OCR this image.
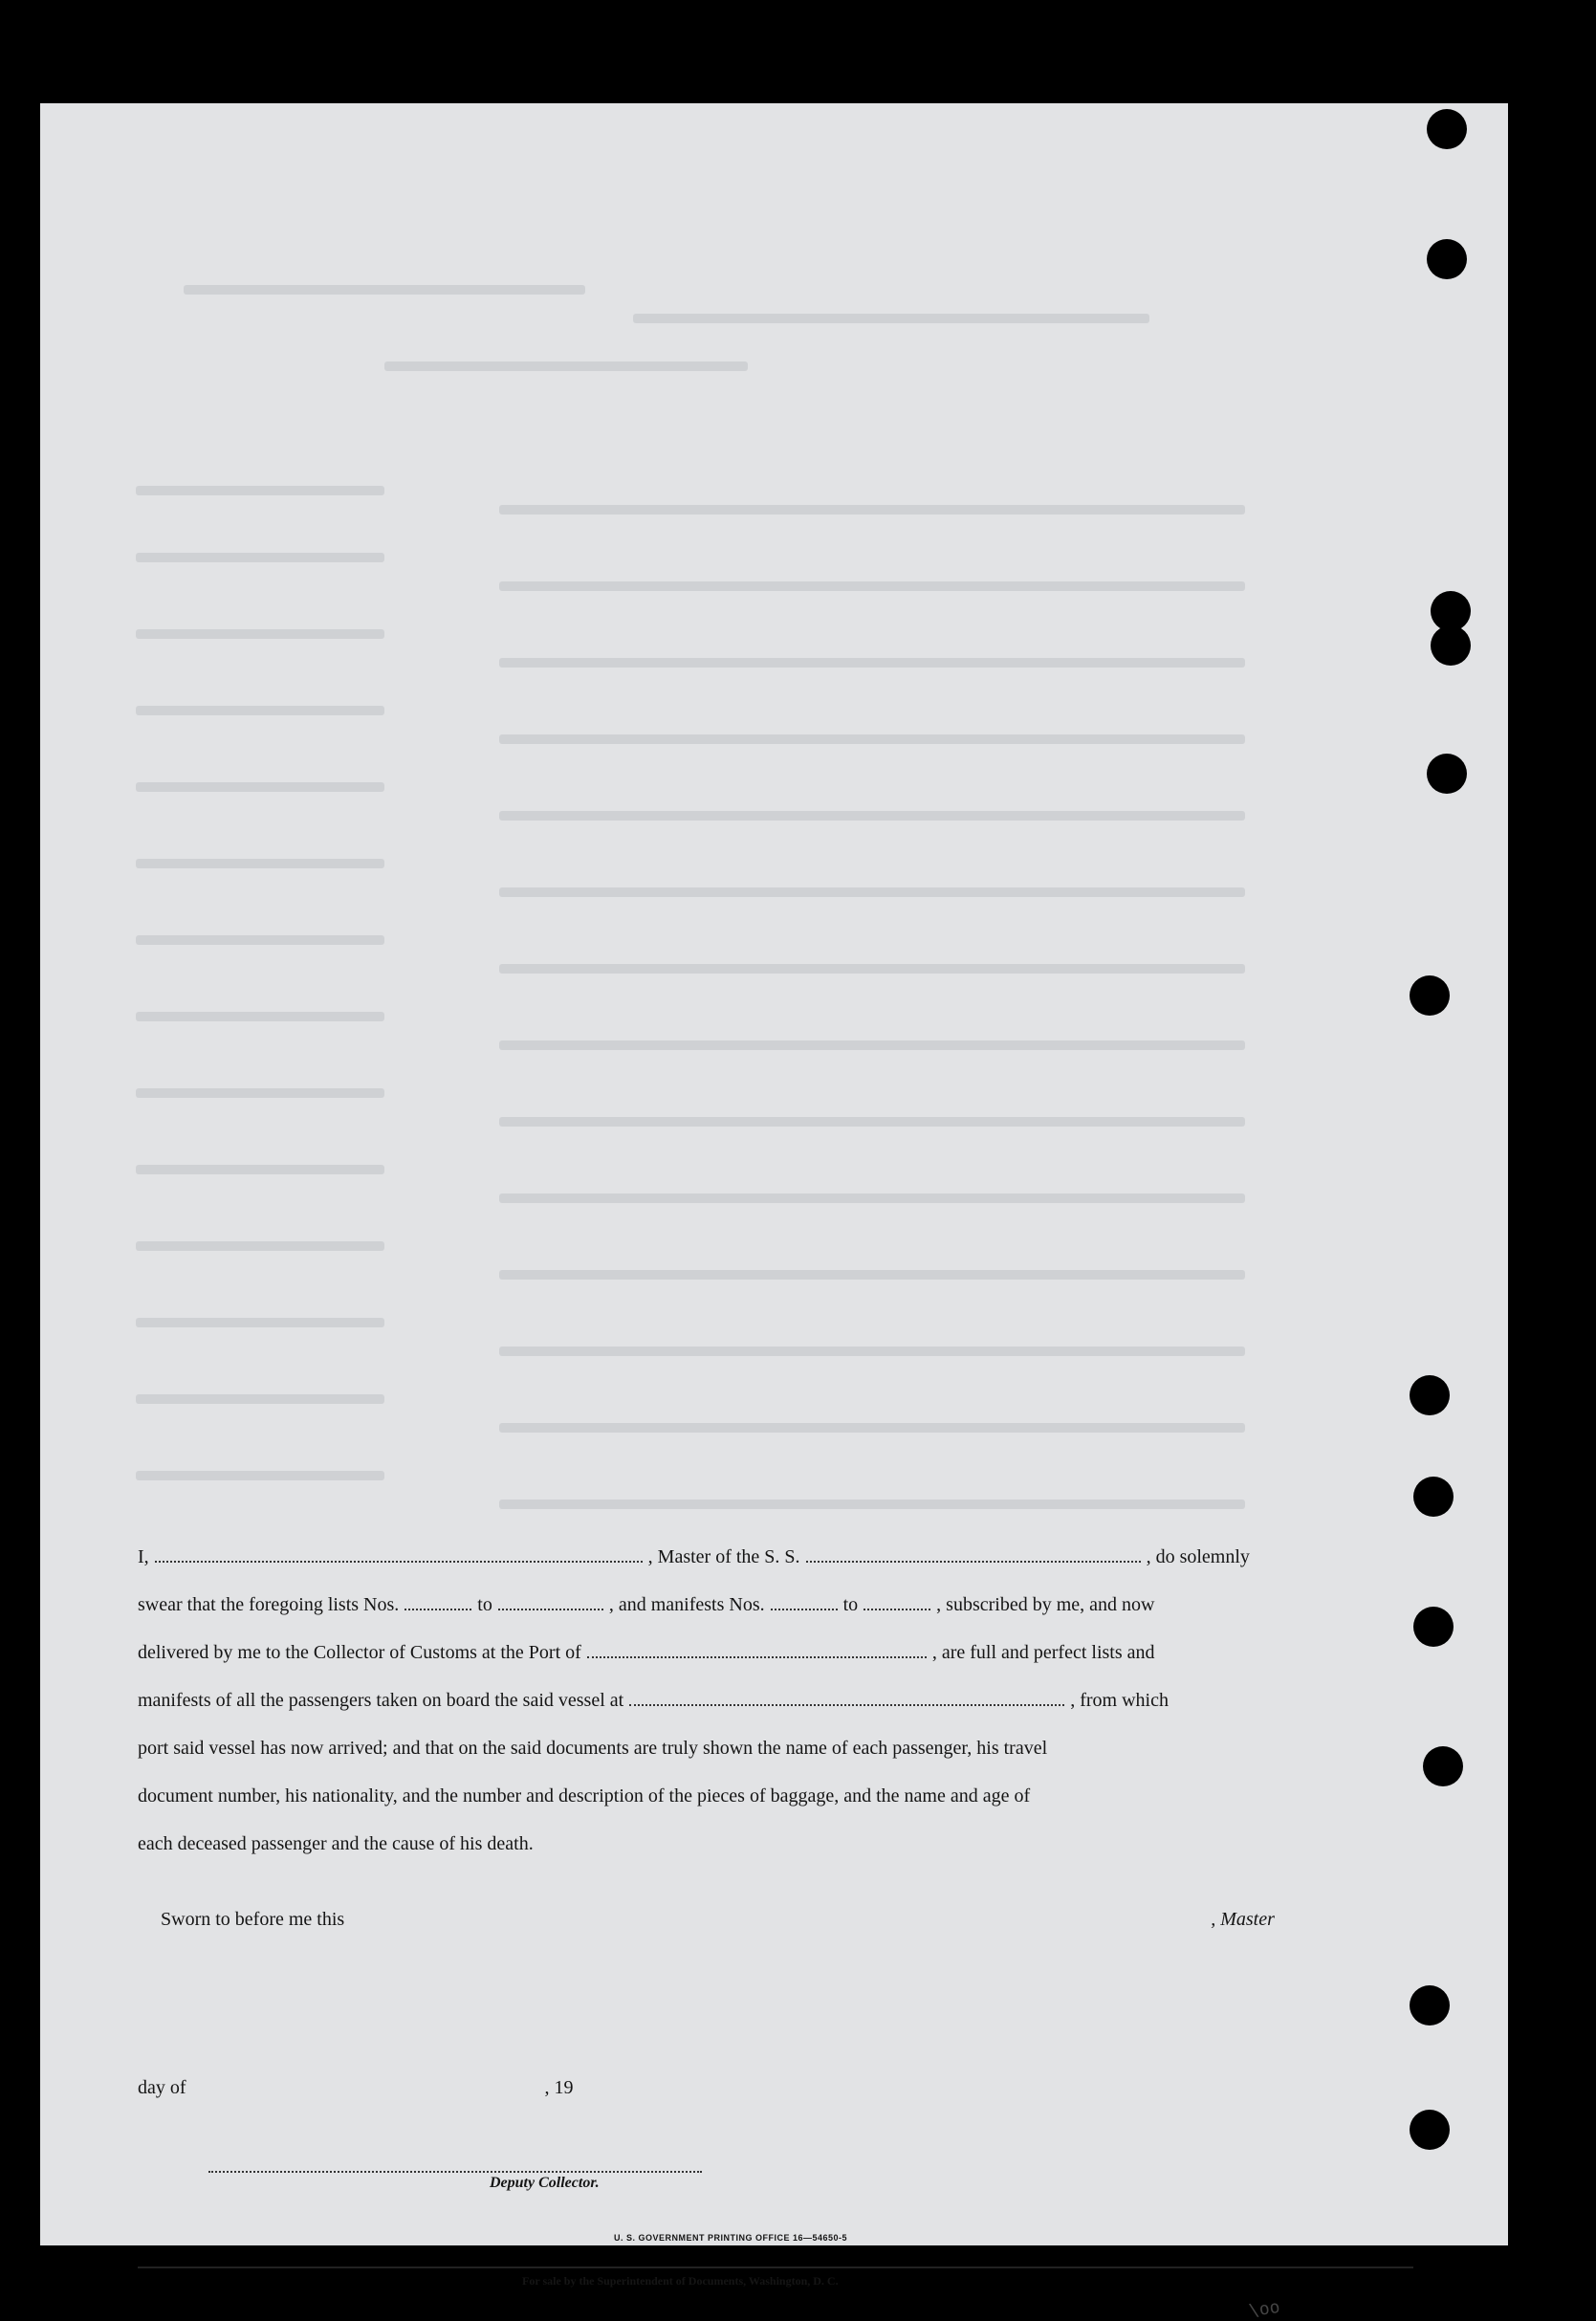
I,	, Master of the S. S.	, do solemnly
swear that the foregoing lists Nos.	to	, and manifests Nos.	to	, subscribed by me, and now
delivered by me to the Collector of Customs at the Port of	, are full and perfect lists and
manifests of all the passengers taken on board the said vessel at	, from which
port said vessel has now arrived; and that on the said documents are truly shown the name of each passenger, his travel
document number, his nationality, and the number and description of the pieces of baggage, and the name and age of
each deceased passenger and the cause of his death.
Sworn to before me this	, Master
day of	, 19
Deputy Collector.
U. S. GOVERNMENT PRINTING OFFICE 16—54650-5
For sale by the Superintendent of Documents, Washington, D. C.
\oo
